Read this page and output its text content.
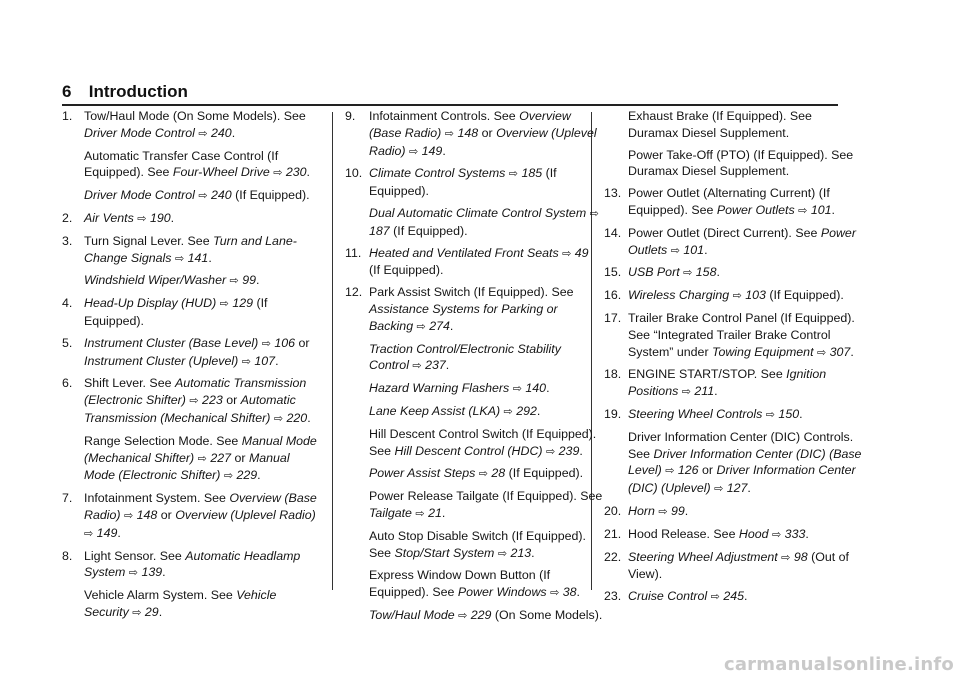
6 Introduction
1. Tow/Haul Mode (On Some Models). See Driver Mode Control ⇨ 240.
Automatic Transfer Case Control (If Equipped). See Four-Wheel Drive ⇨ 230.
Driver Mode Control ⇨ 240 (If Equipped).
2. Air Vents ⇨ 190.
3. Turn Signal Lever. See Turn and Lane-Change Signals ⇨ 141.
Windshield Wiper/Washer ⇨ 99.
4. Head-Up Display (HUD) ⇨ 129 (If Equipped).
5. Instrument Cluster (Base Level) ⇨ 106 or Instrument Cluster (Uplevel) ⇨ 107.
6. Shift Lever. See Automatic Transmission (Electronic Shifter) ⇨ 223 or Automatic Transmission (Mechanical Shifter) ⇨ 220.
Range Selection Mode. See Manual Mode (Mechanical Shifter) ⇨ 227 or Manual Mode (Electronic Shifter) ⇨ 229.
7. Infotainment System. See Overview (Base Radio) ⇨ 148 or Overview (Uplevel Radio) ⇨ 149.
8. Light Sensor. See Automatic Headlamp System ⇨ 139.
Vehicle Alarm System. See Vehicle Security ⇨ 29.
9. Infotainment Controls. See Overview (Base Radio) ⇨ 148 or Overview (Uplevel Radio) ⇨ 149.
10. Climate Control Systems ⇨ 185 (If Equipped).
Dual Automatic Climate Control System ⇨ 187 (If Equipped).
11. Heated and Ventilated Front Seats ⇨ 49 (If Equipped).
12. Park Assist Switch (If Equipped). See Assistance Systems for Parking or Backing ⇨ 274.
Traction Control/Electronic Stability Control ⇨ 237.
Hazard Warning Flashers ⇨ 140.
Lane Keep Assist (LKA) ⇨ 292.
Hill Descent Control Switch (If Equipped). See Hill Descent Control (HDC) ⇨ 239.
Power Assist Steps ⇨ 28 (If Equipped).
Power Release Tailgate (If Equipped). See Tailgate ⇨ 21.
Auto Stop Disable Switch (If Equipped). See Stop/Start System ⇨ 213.
Express Window Down Button (If Equipped). See Power Windows ⇨ 38.
Tow/Haul Mode ⇨ 229 (On Some Models).
Exhaust Brake (If Equipped). See Duramax Diesel Supplement.
Power Take-Off (PTO) (If Equipped). See Duramax Diesel Supplement.
13. Power Outlet (Alternating Current) (If Equipped). See Power Outlets ⇨ 101.
14. Power Outlet (Direct Current). See Power Outlets ⇨ 101.
15. USB Port ⇨ 158.
16. Wireless Charging ⇨ 103 (If Equipped).
17. Trailer Brake Control Panel (If Equipped). See “Integrated Trailer Brake Control System” under Towing Equipment ⇨ 307.
18. ENGINE START/STOP. See Ignition Positions ⇨ 211.
19. Steering Wheel Controls ⇨ 150.
Driver Information Center (DIC) Controls. See Driver Information Center (DIC) (Base Level) ⇨ 126 or Driver Information Center (DIC) (Uplevel) ⇨ 127.
20. Horn ⇨ 99.
21. Hood Release. See Hood ⇨ 333.
22. Steering Wheel Adjustment ⇨ 98 (Out of View).
23. Cruise Control ⇨ 245.
carmanualsonline.info
